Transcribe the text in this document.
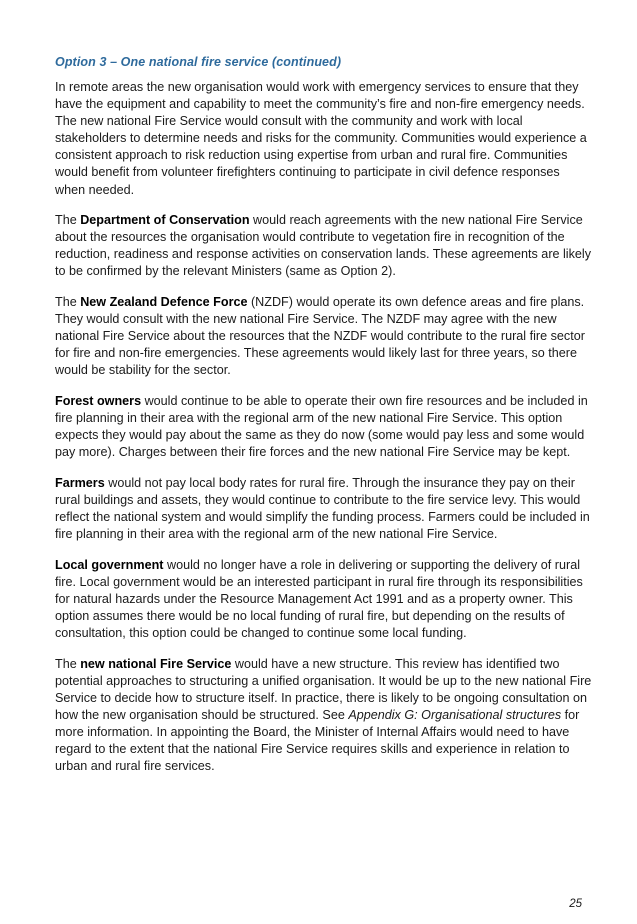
Option 3 – One national fire service (continued)

In remote areas the new organisation would work with emergency services to ensure that they have the equipment and capability to meet the community’s fire and non-fire emergency needs. The new national Fire Service would consult with the community and work with local stakeholders to determine needs and risks for the community. Communities would experience a consistent approach to risk reduction using expertise from urban and rural fire. Communities would benefit from volunteer firefighters continuing to participate in civil defence responses when needed.

The Department of Conservation would reach agreements with the new national Fire Service about the resources the organisation would contribute to vegetation fire in recognition of the reduction, readiness and response activities on conservation lands. These agreements are likely to be confirmed by the relevant Ministers (same as Option 2).

The New Zealand Defence Force (NZDF) would operate its own defence areas and fire plans. They would consult with the new national Fire Service. The NZDF may agree with the new national Fire Service about the resources that the NZDF would contribute to the rural fire sector for fire and non-fire emergencies. These agreements would likely last for three years, so there would be stability for the sector.

Forest owners would continue to be able to operate their own fire resources and be included in fire planning in their area with the regional arm of the new national Fire Service. This option expects they would pay about the same as they do now (some would pay less and some would pay more). Charges between their fire forces and the new national Fire Service may be kept.

Farmers would not pay local body rates for rural fire. Through the insurance they pay on their rural buildings and assets, they would continue to contribute to the fire service levy. This would reflect the national system and would simplify the funding process. Farmers could be included in fire planning in their area with the regional arm of the new national Fire Service.

Local government would no longer have a role in delivering or supporting the delivery of rural fire. Local government would be an interested participant in rural fire through its responsibilities for natural hazards under the Resource Management Act 1991 and as a property owner. This option assumes there would be no local funding of rural fire, but depending on the results of consultation, this option could be changed to continue some local funding.

The new national Fire Service would have a new structure. This review has identified two potential approaches to structuring a unified organisation. It would be up to the new national Fire Service to decide how to structure itself. In practice, there is likely to be ongoing consultation on how the new organisation should be structured. See Appendix G: Organisational structures for more information. In appointing the Board, the Minister of Internal Affairs would need to have regard to the extent that the national Fire Service requires skills and experience in relation to urban and rural fire services.

25
